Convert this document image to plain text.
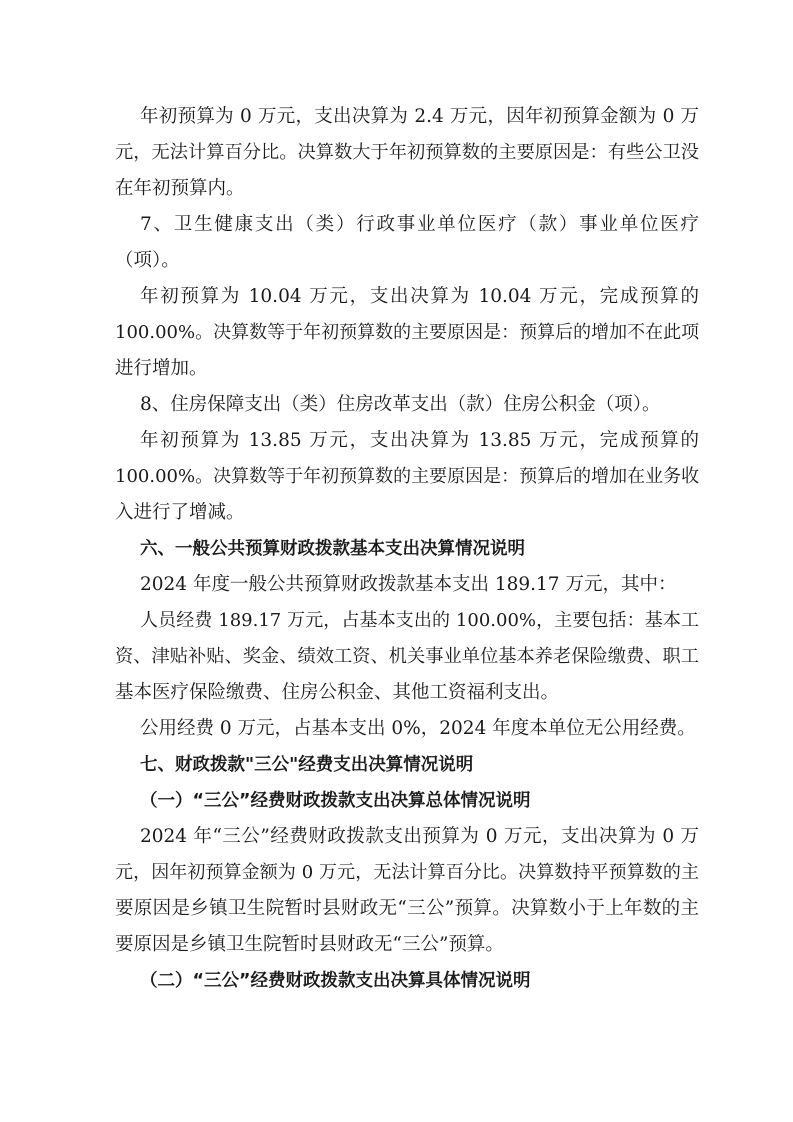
年初预算为 0 万元，支出决算为 2.4 万元，因年初预算金额为 0 万
元，无法计算百分比。决算数大于年初预算数的主要原因是：有些公卫没
在年初预算内。
7、卫生健康支出（类）行政事业单位医疗（款）事业单位医疗
（项）。
年初预算为 10.04 万元，支出决算为 10.04 万元，完成预算的
100.00%。决算数等于年初预算数的主要原因是：预算后的增加不在此项
进行增加。
8、住房保障支出（类）住房改革支出（款）住房公积金（项）。
年初预算为 13.85 万元，支出决算为 13.85 万元，完成预算的
100.00%。决算数等于年初预算数的主要原因是：预算后的增加在业务收
入进行了增减。
六、一般公共预算财政拨款基本支出决算情况说明
2024 年度一般公共预算财政拨款基本支出 189.17 万元，其中：
人员经费 189.17 万元，占基本支出的 100.00%，主要包括：基本工
资、津贴补贴、奖金、绩效工资、机关事业单位基本养老保险缴费、职工
基本医疗保险缴费、住房公积金、其他工资福利支出。
公用经费 0 万元，占基本支出 0%，2024 年度本单位无公用经费。
七、财政拨款"三公"经费支出决算情况说明
（一）“三公”经费财政拨款支出决算总体情况说明
2024 年“三公”经费财政拨款支出预算为 0 万元，支出决算为 0 万
元，因年初预算金额为 0 万元，无法计算百分比。决算数持平预算数的主
要原因是乡镇卫生院暂时县财政无“三公”预算。决算数小于上年数的主
要原因是乡镇卫生院暂时县财政无“三公”预算。
（二）“三公”经费财政拨款支出决算具体情况说明
